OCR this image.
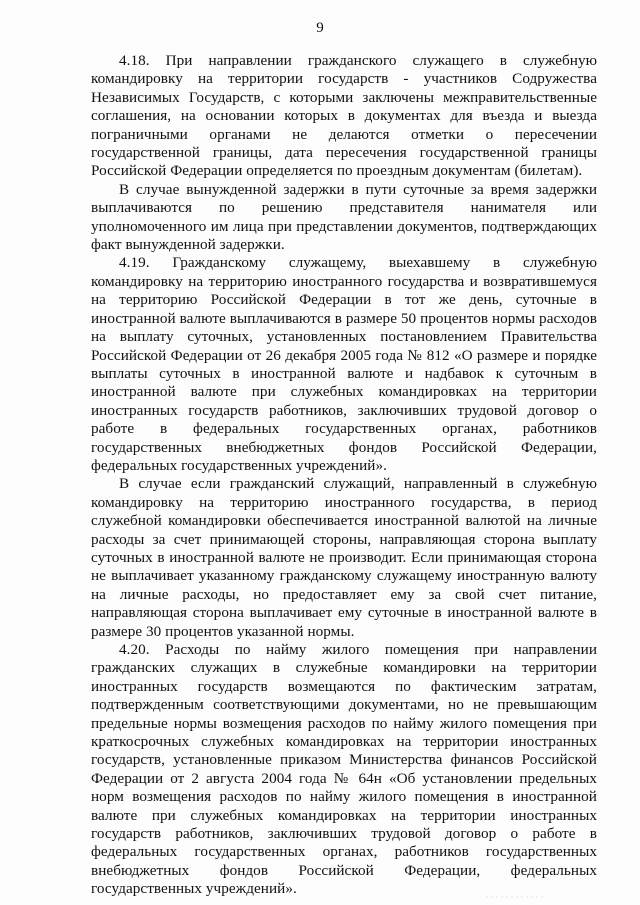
9

4.18. При направлении гражданского служащего в служебную командировку на территории государств - участников Содружества Независимых Государств, с которыми заключены межправительственные соглашения, на основании которых в документах для въезда и выезда пограничными органами не делаются отметки о пересечении государственной границы, дата пересечения государственной границы Российской Федерации определяется по проездным документам (билетам).

В случае вынужденной задержки в пути суточные за время задержки выплачиваются по решению представителя нанимателя или уполномоченного им лица при представлении документов, подтверждающих факт вынужденной задержки.

4.19. Гражданскому служащему, выехавшему в служебную командировку на территорию иностранного государства и возвратившемуся на территорию Российской Федерации в тот же день, суточные в иностранной валюте выплачиваются в размере 50 процентов нормы расходов на выплату суточных, установленных постановлением Правительства Российской Федерации от 26 декабря 2005 года № 812 «О размере и порядке выплаты суточных в иностранной валюте и надбавок к суточным в иностранной валюте при служебных командировках на территории иностранных государств работников, заключивших трудовой договор о работе в федеральных государственных органах, работников государственных внебюджетных фондов Российской Федерации, федеральных государственных учреждений».

В случае если гражданский служащий, направленный в служебную командировку на территорию иностранного государства, в период служебной командировки обеспечивается иностранной валютой на личные расходы за счет принимающей стороны, направляющая сторона выплату суточных в иностранной валюте не производит. Если принимающая сторона не выплачивает указанному гражданскому служащему иностранную валюту на личные расходы, но предоставляет ему за свой счет питание, направляющая сторона выплачивает ему суточные в иностранной валюте в размере 30 процентов указанной нормы.

4.20. Расходы по найму жилого помещения при направлении гражданских служащих в служебные командировки на территории иностранных государств возмещаются по фактическим затратам, подтвержденным соответствующими документами, но не превышающим предельные нормы возмещения расходов по найму жилого помещения при краткосрочных служебных командировках на территории иностранных государств, установленные приказом Министерства финансов Российской Федерации от 2 августа 2004 года № 64н «Об установлении предельных норм возмещения расходов по найму жилого помещения в иностранной валюте при служебных командировках на территории иностранных государств работников, заключивших трудовой договор о работе в федеральных государственных органах, работников государственных внебюджетных фондов Российской Федерации, федеральных государственных учреждений».
